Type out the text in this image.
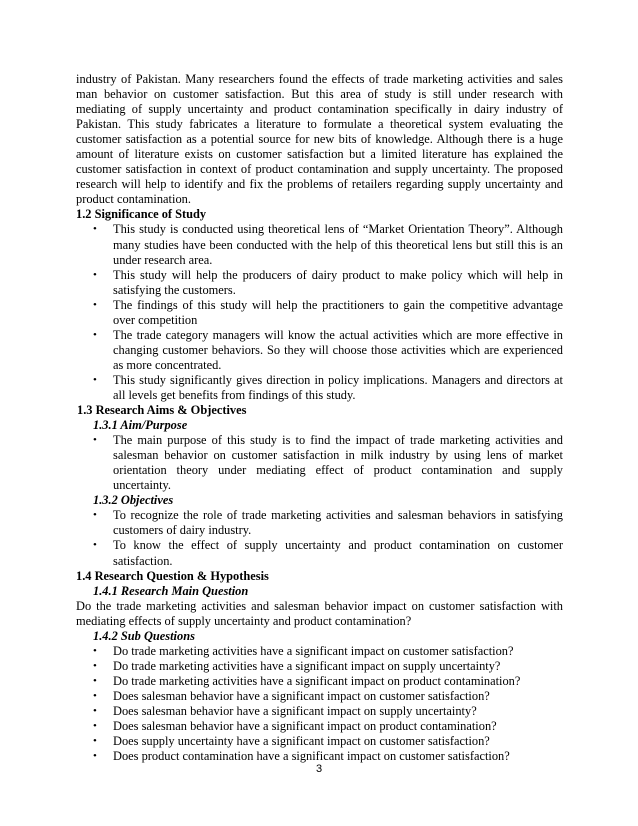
industry of Pakistan. Many researchers found the effects of trade marketing activities and sales man behavior on customer satisfaction. But this area of study is still under research with mediating of supply uncertainty and product contamination specifically in dairy industry of Pakistan. This study fabricates a literature to formulate a theoretical system evaluating the customer satisfaction as a potential source for new bits of knowledge. Although there is a huge amount of literature exists on customer satisfaction but a limited literature has explained the customer satisfaction in context of product contamination and supply uncertainty. The proposed research will help to identify and fix the problems of retailers regarding supply uncertainty and product contamination.

1.2 Significance of Study
• This study is conducted using theoretical lens of “Market Orientation Theory”. Although many studies have been conducted with the help of this theoretical lens but still this is an under research area.
• This study will help the producers of dairy product to make policy which will help in satisfying the customers.
• The findings of this study will help the practitioners to gain the competitive advantage over competition
• The trade category managers will know the actual activities which are more effective in changing customer behaviors. So they will choose those activities which are experienced as more concentrated.
• This study significantly gives direction in policy implications. Managers and directors at all levels get benefits from findings of this study.
1.3 Research Aims & Objectives
1.3.1 Aim/Purpose
• The main purpose of this study is to find the impact of trade marketing activities and salesman behavior on customer satisfaction in milk industry by using lens of market orientation theory under mediating effect of product contamination and supply uncertainty.
1.3.2 Objectives
• To recognize the role of trade marketing activities and salesman behaviors in satisfying customers of dairy industry.
• To know the effect of supply uncertainty and product contamination on customer satisfaction.
1.4 Research Question & Hypothesis
1.4.1 Research Main Question

Do the trade marketing activities and salesman behavior impact on customer satisfaction with mediating effects of supply uncertainty and product contamination?

1.4.2 Sub Questions
• Do trade marketing activities have a significant impact on customer satisfaction?
• Do trade marketing activities have a significant impact on supply uncertainty?
• Do trade marketing activities have a significant impact on product contamination?
• Does salesman behavior have a significant impact on customer satisfaction?
• Does salesman behavior have a significant impact on supply uncertainty?
• Does salesman behavior have a significant impact on product contamination?
• Does supply uncertainty have a significant impact on customer satisfaction?
• Does product contamination have a significant impact on customer satisfaction?
3
